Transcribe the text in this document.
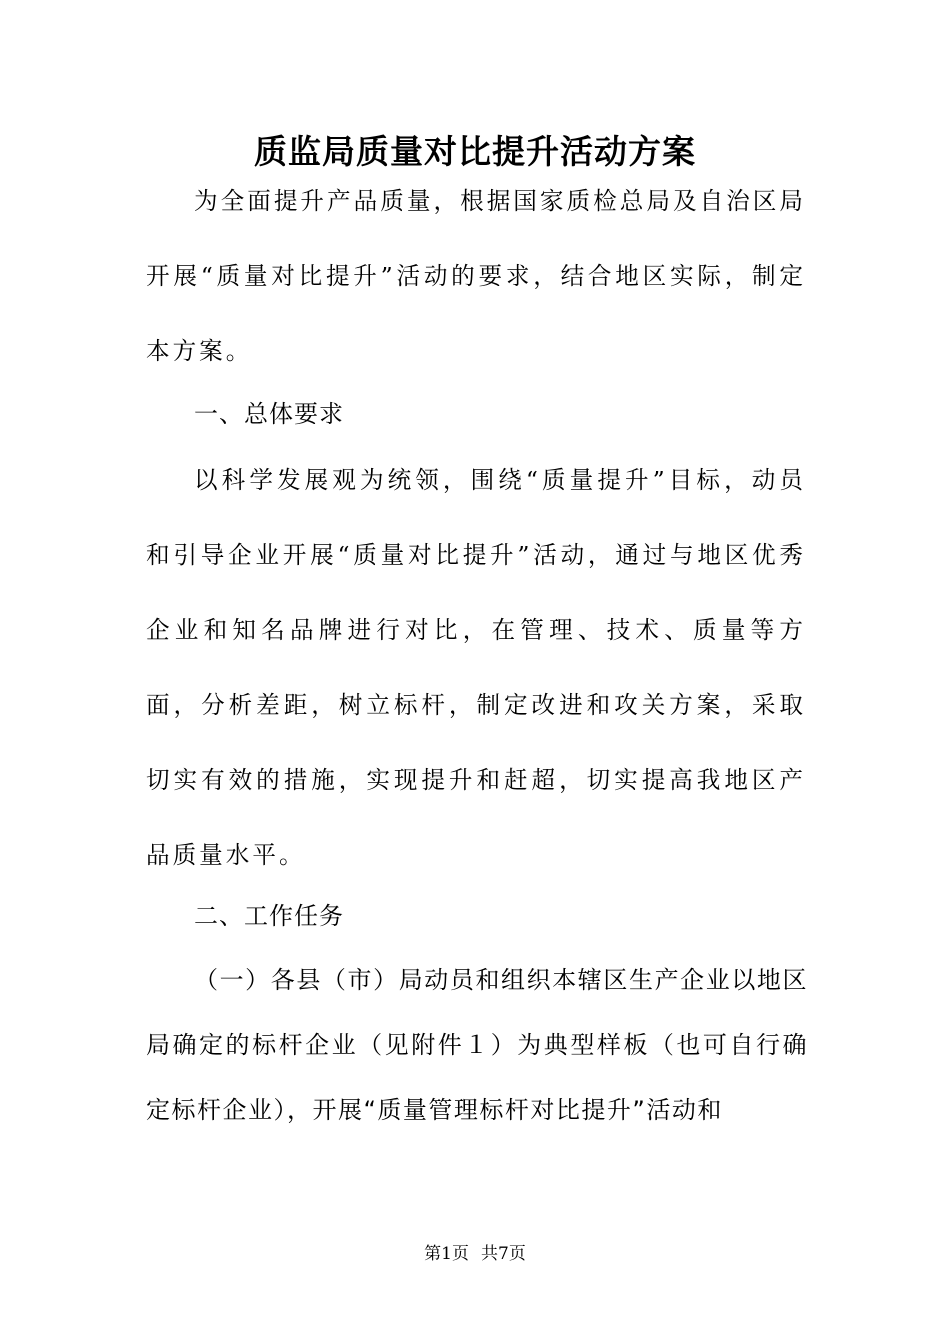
质监局质量对比提升活动方案

为全面提升产品质量，根据国家质检总局及自治区局开展“质量对比提升”活动的要求，结合地区实际，制定本方案。

一、总体要求

以科学发展观为统领，围绕“质量提升”目标，动员和引导企业开展“质量对比提升”活动，通过与地区优秀企业和知名品牌进行对比，在管理、技术、质量等方面，分析差距，树立标杆，制定改进和攻关方案，采取切实有效的措施，实现提升和赶超，切实提高我地区产品质量水平。

二、工作任务

（一）各县（市）局动员和组织本辖区生产企业以地区局确定的标杆企业（见附件１）为典型样板（也可自行确定标杆企业），开展“质量管理标杆对比提升”活动和

第1页 共7页
